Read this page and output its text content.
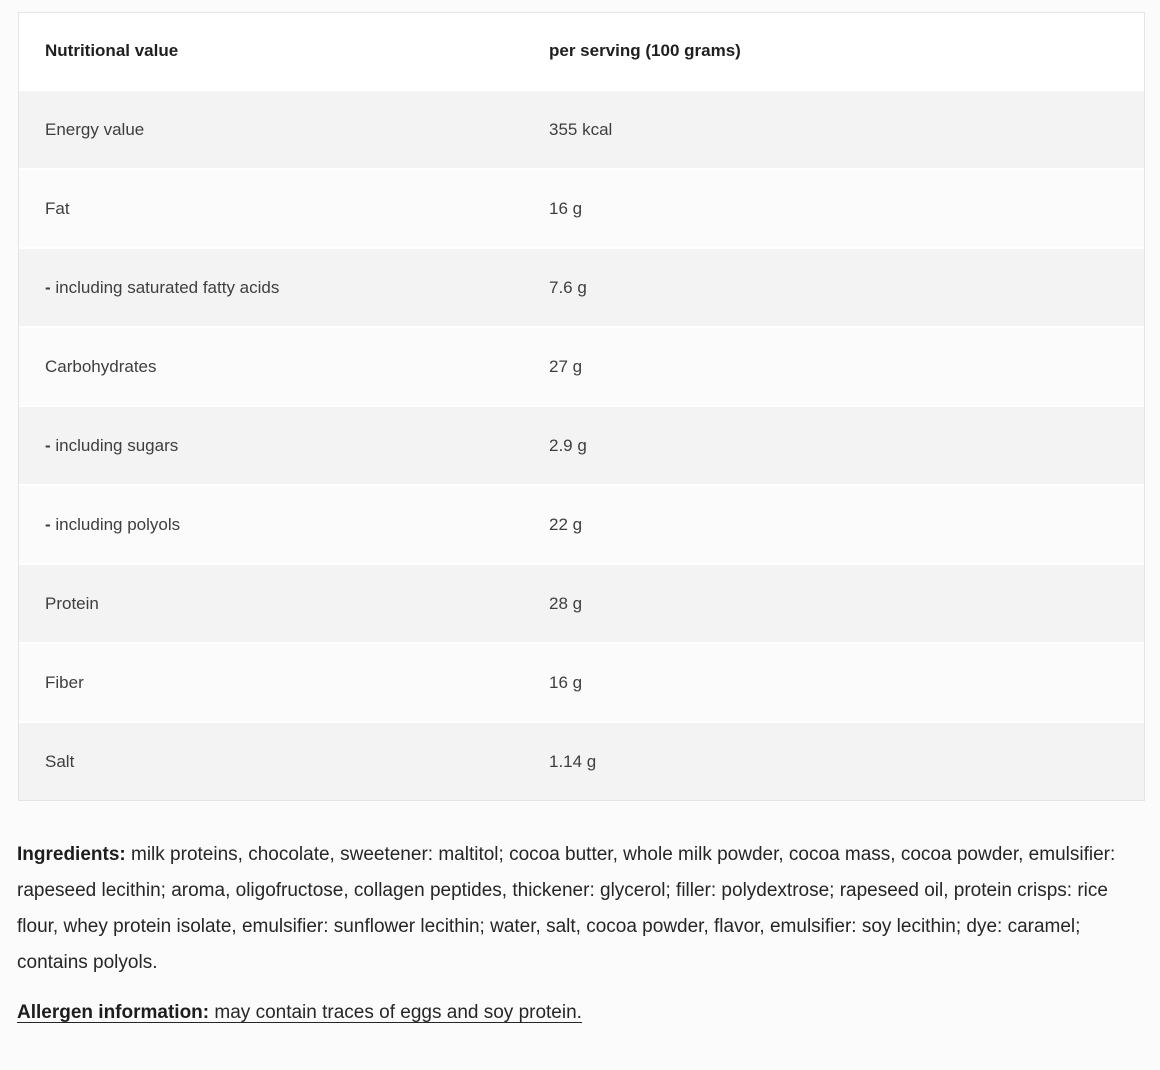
Nutritional value	per serving (100 grams)
Energy value	355 kcal
Fat	16 g
- including saturated fatty acids	7.6 g
Carbohydrates	27 g
- including sugars	2.9 g
- including polyols	22 g
Protein	28 g
Fiber	16 g
Salt	1.14 g

Ingredients: milk proteins, chocolate, sweetener: maltitol; cocoa butter, whole milk powder, cocoa mass, cocoa powder, emulsifier: rapeseed lecithin; aroma, oligofructose, collagen peptides, thickener: glycerol; filler: polydextrose; rapeseed oil, protein crisps: rice flour, whey protein isolate, emulsifier: sunflower lecithin; water, salt, cocoa powder, flavor, emulsifier: soy lecithin; dye: caramel; contains polyols.

Allergen information: may contain traces of eggs and soy protein.
